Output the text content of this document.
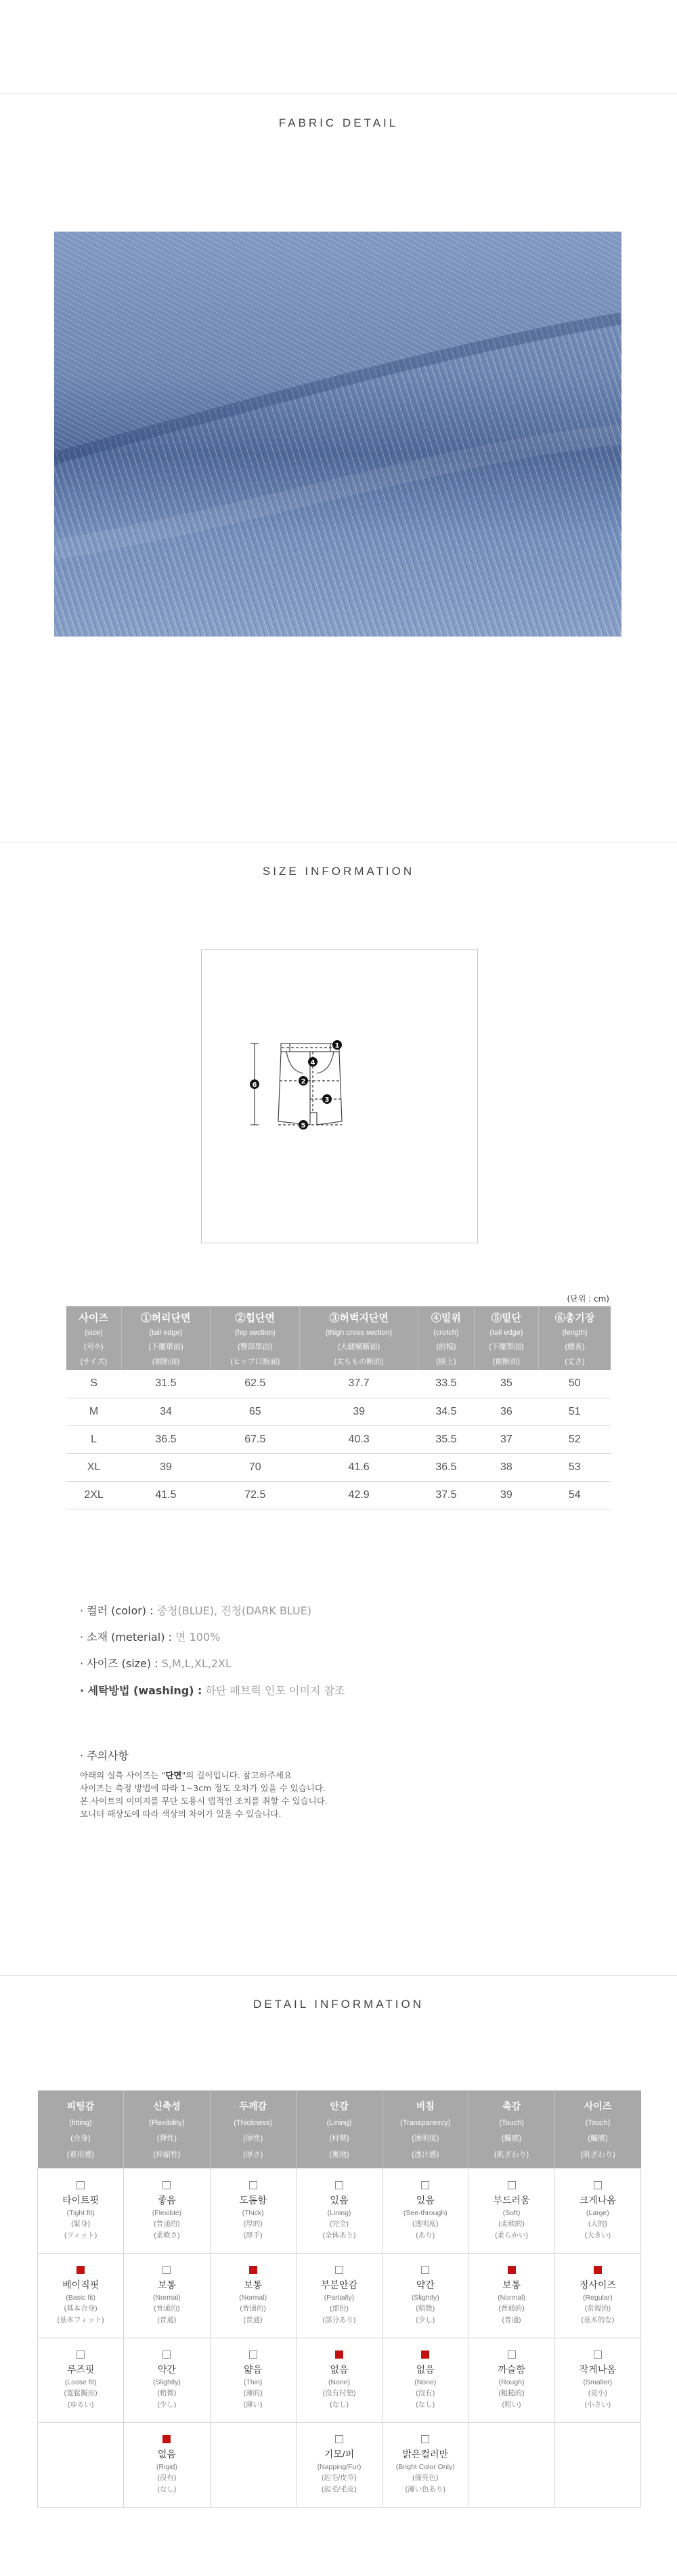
FABRIC DETAIL
SIZE INFORMATION
1
2
3
4
5
6
(단위 : cm)
사이즈
(size)
(치수)
(サイズ)	①허리단면
(tail edge)
(下擺單面)
(裾断面)	②힙단면
(hip section)
(臀部單面)
(ヒップ口断面)	③허벅지단면
(thigh cross section)
(大腿橫斷面)
(太ももの断面)	④밑위
(crotch)
(前檔)
(股上)	⑤밑단
(tail edge)
(下擺單面)
(裾断面)	⑥총기장
(length)
(總長)
(丈さ)

S	31.5	62.5	37.7	33.5	35	50
M	34	65	39	34.5	36	51
L	36.5	67.5	40.3	35.5	37	52
XL	39	70	41.6	36.5	38	53
2XL	41.5	72.5	42.9	37.5	39	54
· 컬러 (color) : 중청(BLUE), 진청(DARK BLUE)
· 소재 (meterial) : 면 100%
· 사이즈 (size) : S,M,L,XL,2XL
· 세탁방법 (washing) : 하단 패브릭 인포 이미지 참조
· 주의사항
아래의 실측 사이즈는 "단면"의 길이입니다. 참고하주세요
사이즈는 측정 방법에 따라 1~3cm 정도 오차가 있을 수 있습니다.
본 사이트의 이미지를 무단 도용시 법적인 조치를 취할 수 있습니다.
모니터 해상도에 따라 색상의 차이가 있을 수 있습니다.
DETAIL INFORMATION
피팅감
(fitting)
(合身)
(着用感)	신축성
(Flexibility)
(彈性)
(伸縮性)	두께감
(Thickness)
(厚性)
(厚さ)	안감
(Lining)
(村墊)
(裏地)	비침
(Transparency)
(透明度)
(透け感)	촉감
(Touch)
(觸感)
(肌ざわり)	사이즈
(Touch)
(觸感)
(肌ざわり)

타이트핏
(Tight fit)
(緊身)
(フィット)	좋음
(Flexible)
(普通的)
(柔軟さ)	도톰함
(Thick)
(厚的)
(厚手)	있음
(Lining)
(完全)
(全体あり)	있음
(See-through)
(透明度)
(あり)	부드러움
(Soft)
(柔軟的)
(柔らかい)	크게나옴
(Large)
(大的)
(大きい)

베이직핏
(Basic fit)
(基本合身)
(基本フィット)	보통
(Normal)
(普通的)
(普通)	보통
(Normal)
(普通的)
(普通)	부분안감
(Partially)
(部份)
(部分あり)	약간
(Slightly)
(稍微)
(少し)	보통
(Normal)
(普通的)
(普通)	정사이즈
(Regular)
(常規的)
(基本的な)

루즈핏
(Loose fit)
(寬鬆擬形)
(ゆるい)	약간
(Slightly)
(稍微)
(少し)	얇음
(Thin)
(薄的)
(薄い)	없음
(None)
(沒有村墊)
(なし)	없음
(None)
(沒有)
(なし)	까슬함
(Rough)
(粗糙的)
(粗い)	작게나옴
(Smaller)
(更小)
(小さい)

	없음
(Rigid)
(沒有)
(なし)		기모/퍼
(Napping/Fur)
(起毛/皮草)
(起毛/毛皮)	밝은컬러만
(Bright Color Only)
(僅亮色)
(薄い色あり)		
